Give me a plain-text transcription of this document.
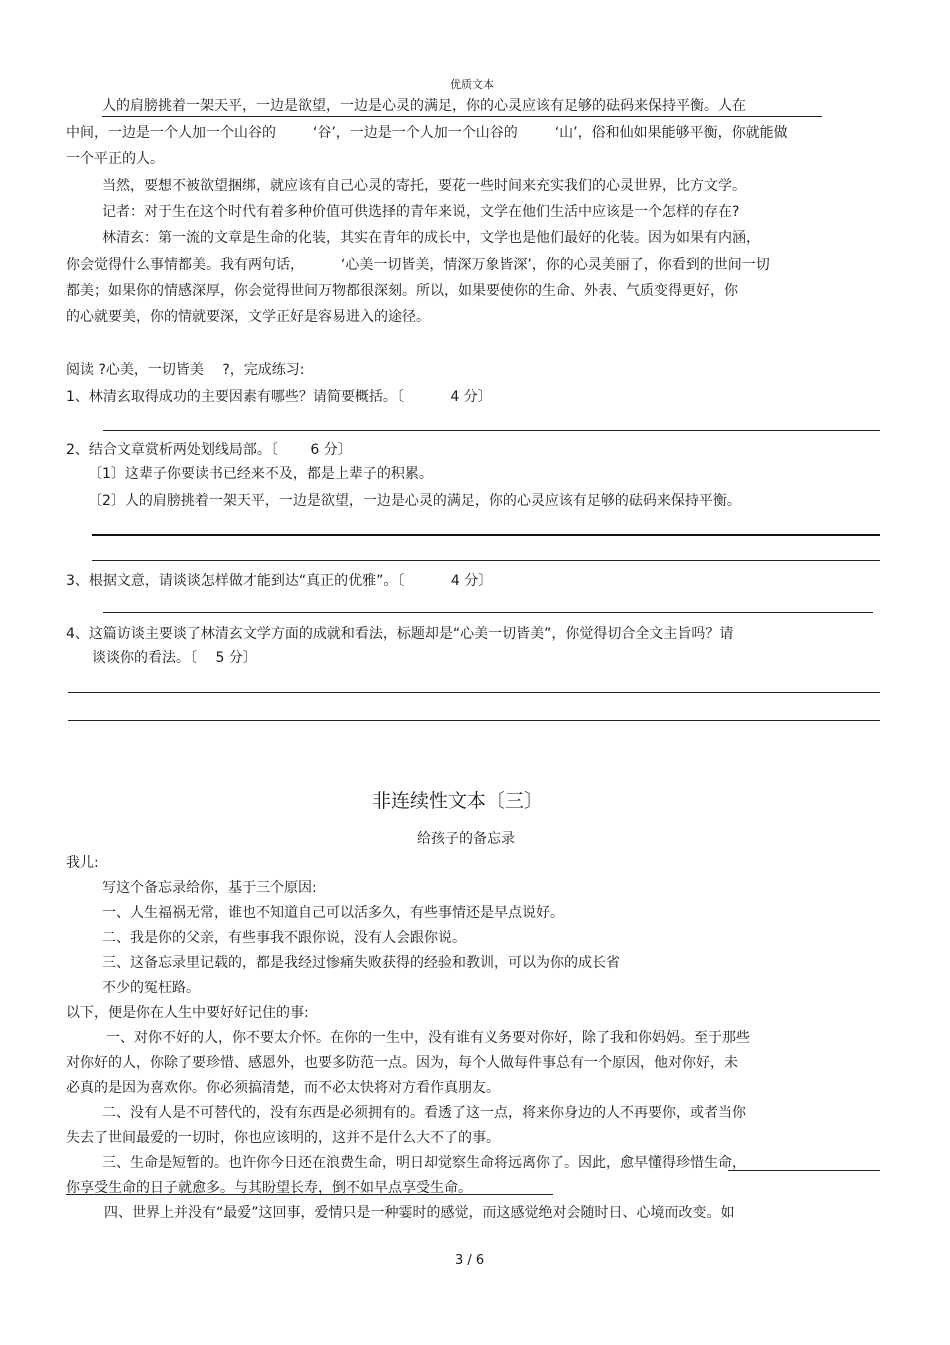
优质文本
人的肩膀挑着一架天平，一边是欲望，一边是心灵的满足，你的心灵应该有足够的砝码来保持平衡。人在
中间，一边是一个人加一个山谷的 　　 ‘谷’，一边是一个人加一个山谷的 　　 ‘山’，俗和仙如果能够平衡，你就能做
一个平正的人。
当然，要想不被欲望捆绑，就应该有自己心灵的寄托，要花一些时间来充实我们的心灵世界，比方文学。
记者：对于生在这个时代有着多种价值可供选择的青年来说，文学在他们生活中应该是一个怎样的存在?
林清玄：第一流的文章是生命的化装，其实在青年的成长中，文学也是他们最好的化装。因为如果有内涵，
你会觉得什么事情都美。我有两句话， 　　 ‘心美一切皆美，情深万象皆深’，你的心灵美丽了，你看到的世间一切
都美；如果你的情感深厚，你会觉得世间万物都很深刻。所以，如果要使你的生命、外表、气质变得更好，你
的心就要美，你的情就要深，文学正好是容易进入的途径。
阅读 ?心美，一切皆美 　?，完成练习:
1、林清玄取得成功的主要因素有哪些？请简要概括。〔 　　　4 分〕
2、结合文章赏析两处划线局部。〔 　　6 分〕
〔1〕这辈子你要读书已经来不及，都是上辈子的积累。
〔2〕人的肩膀挑着一架天平，一边是欲望，一边是心灵的满足，你的心灵应该有足够的砝码来保持平衡。
3、根据文意，请谈谈怎样做才能到达“真正的优雅”。〔 　　　4 分〕
4、这篇访谈主要谈了林清玄文学方面的成就和看法，标题却是“心美一切皆美”，你觉得切合全文主旨吗？请
谈谈你的看法。〔 　5 分〕
非连续性文本〔三〕
给孩子的备忘录
我儿:
写这个备忘录给你，基于三个原因:
一、人生福祸无常，谁也不知道自己可以活多久，有些事情还是早点说好。
二、我是你的父亲，有些事我不跟你说，没有人会跟你说。
三、这备忘录里记载的，都是我经过惨痛失败获得的经验和教训，可以为你的成长省
不少的冤枉路。
以下，便是你在人生中要好好记住的事:
一、对你不好的人，你不要太介怀。在你的一生中，没有谁有义务要对你好，除了我和你妈妈。至于那些
对你好的人，你除了要珍惜、感恩外，也要多防范一点。因为，每个人做每件事总有一个原因，他对你好，未
必真的是因为喜欢你。你必须搞清楚，而不必太快将对方看作真朋友。
二、没有人是不可替代的，没有东西是必须拥有的。看透了这一点，将来你身边的人不再要你，或者当你
失去了世间最爱的一切时，你也应该明的，这并不是什么大不了的事。
三、生命是短暂的。也许你今日还在浪费生命，明日却觉察生命将远离你了。因此，愈早懂得珍惜生命，
你享受生命的日子就愈多。与其盼望长寿，倒不如早点享受生命。
四、世界上并没有“最爱”这回事，爱情只是一种霎时的感觉，而这感觉绝对会随时日、心境而改变。如
3 / 6
